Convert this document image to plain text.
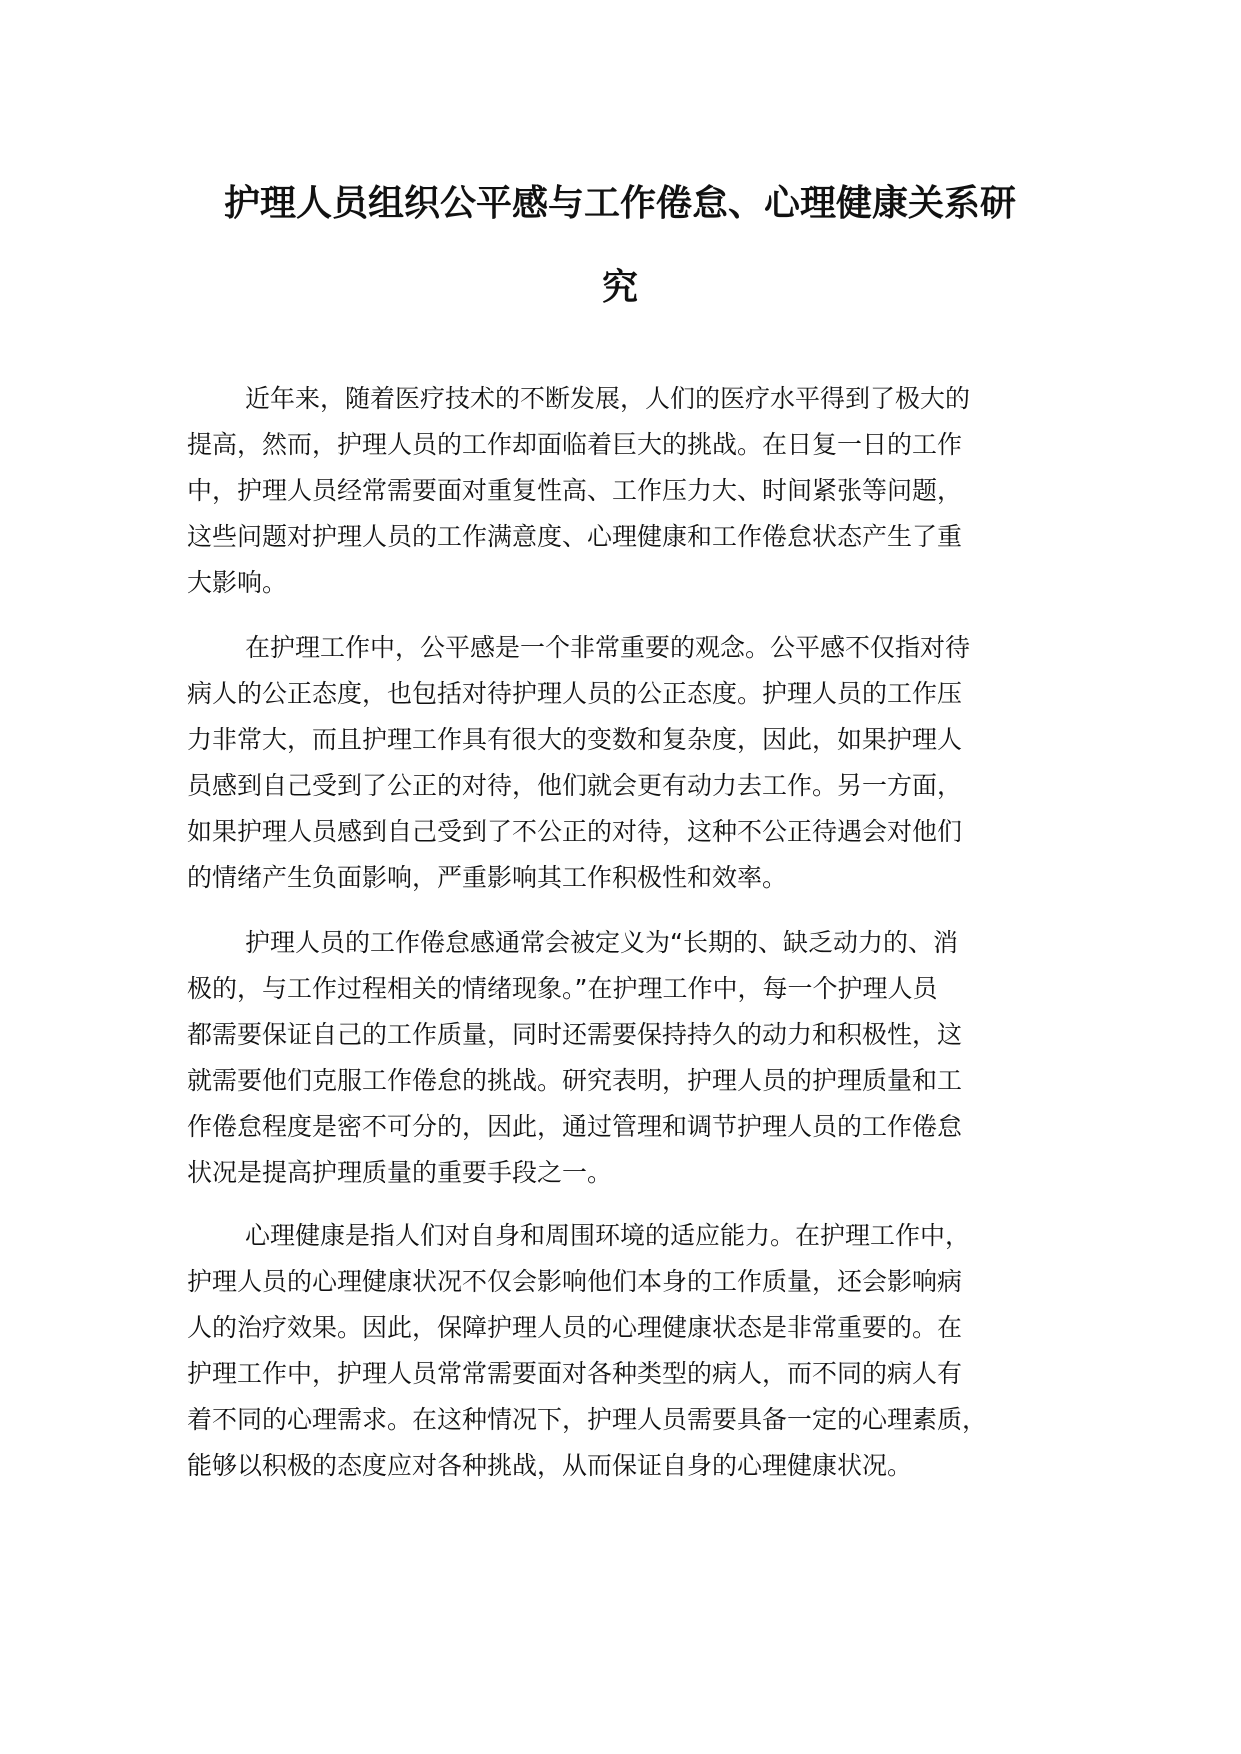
护理人员组织公平感与工作倦怠、心理健康关系研
究
近年来，随着医疗技术的不断发展，人们的医疗水平得到了极大的
提高，然而，护理人员的工作却面临着巨大的挑战。在日复一日的工作
中，护理人员经常需要面对重复性高、工作压力大、时间紧张等问题，
这些问题对护理人员的工作满意度、心理健康和工作倦怠状态产生了重
大影响。
在护理工作中，公平感是一个非常重要的观念。公平感不仅指对待
病人的公正态度，也包括对待护理人员的公正态度。护理人员的工作压
力非常大，而且护理工作具有很大的变数和复杂度，因此，如果护理人
员感到自己受到了公正的对待，他们就会更有动力去工作。另一方面，
如果护理人员感到自己受到了不公正的对待，这种不公正待遇会对他们
的情绪产生负面影响，严重影响其工作积极性和效率。
护理人员的工作倦怠感通常会被定义为“长期的、缺乏动力的、消
极的，与工作过程相关的情绪现象。”在护理工作中，每一个护理人员
都需要保证自己的工作质量，同时还需要保持持久的动力和积极性，这
就需要他们克服工作倦怠的挑战。研究表明，护理人员的护理质量和工
作倦怠程度是密不可分的，因此，通过管理和调节护理人员的工作倦怠
状况是提高护理质量的重要手段之一。
心理健康是指人们对自身和周围环境的适应能力。在护理工作中，
护理人员的心理健康状况不仅会影响他们本身的工作质量，还会影响病
人的治疗效果。因此，保障护理人员的心理健康状态是非常重要的。在
护理工作中，护理人员常常需要面对各种类型的病人，而不同的病人有
着不同的心理需求。在这种情况下，护理人员需要具备一定的心理素质，
能够以积极的态度应对各种挑战，从而保证自身的心理健康状况。
